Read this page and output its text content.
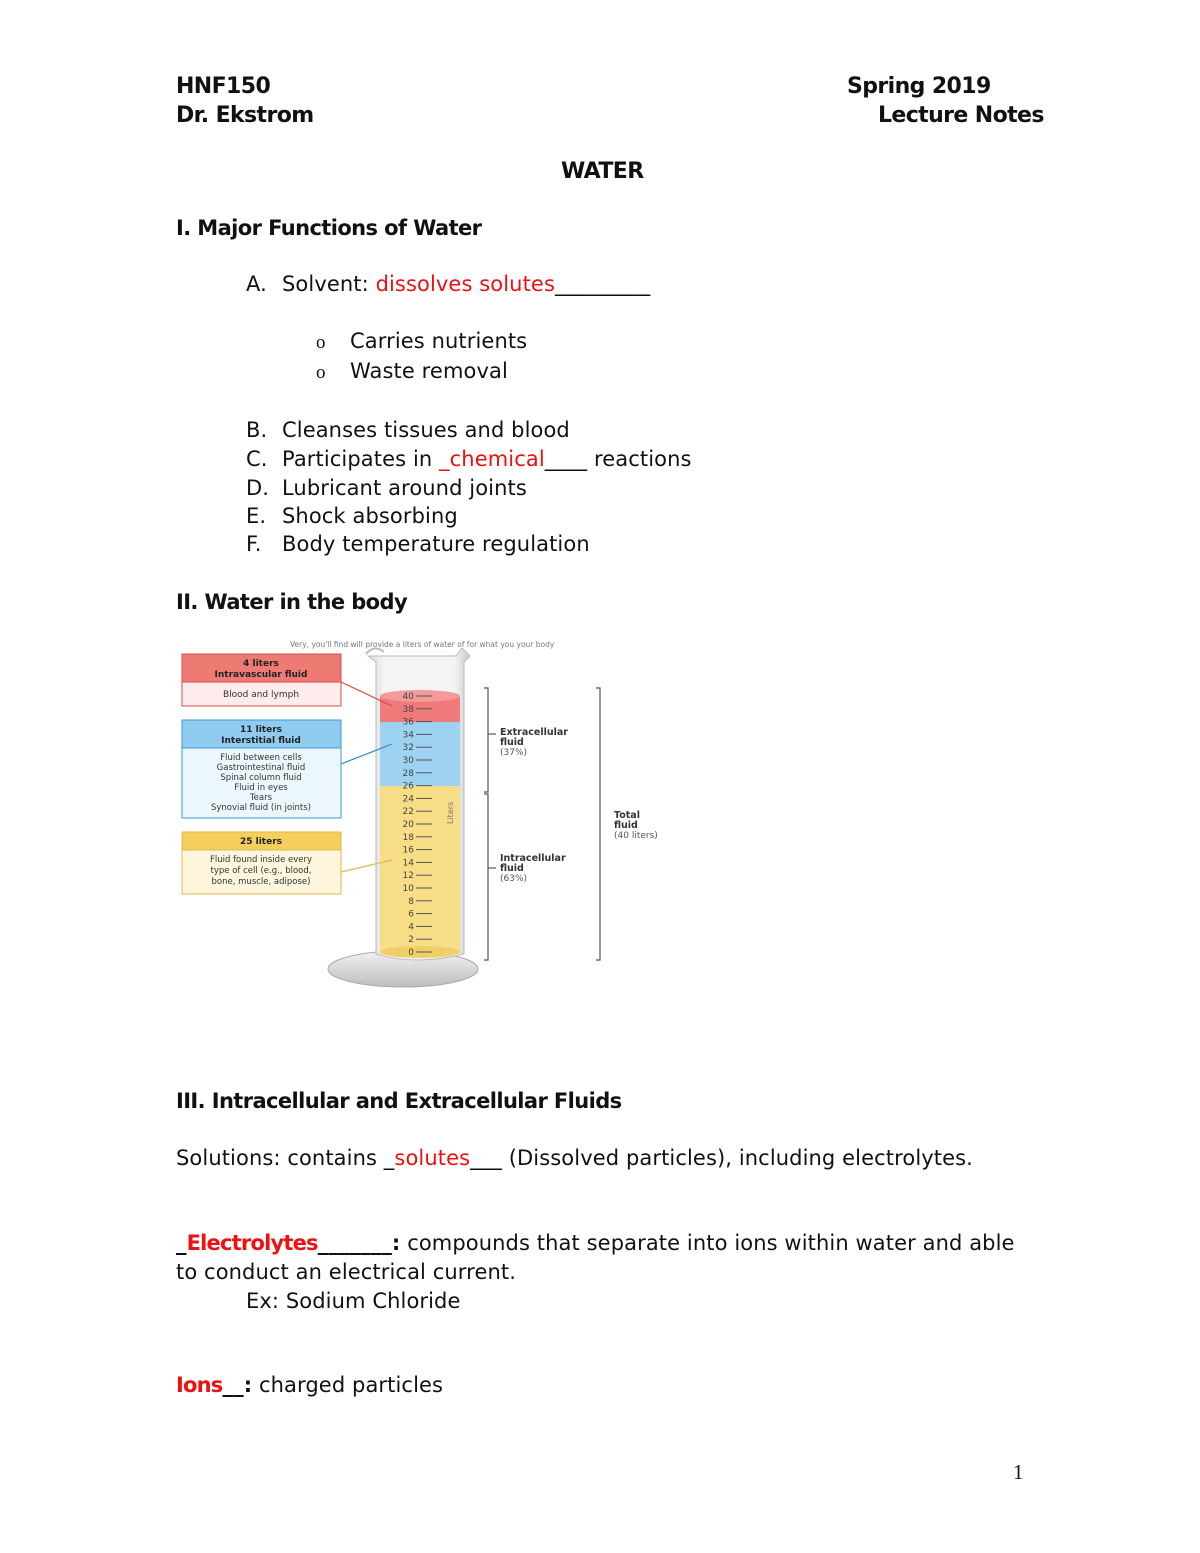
HNF150
Dr. Ekstrom
Spring 2019
Lecture Notes
WATER
I. Major Functions of Water
A. Solvent: dissolves solutes_________
o Carries nutrients
o Waste removal
B. Cleanses tissues and blood
C. Participates in _chemical____ reactions
D. Lubricant around joints
E. Shock absorbing
F. Body temperature regulation
II. Water in the body
Very, you'll find will provide a liters of water of for what you your body
40
38
36
34
32
30
28
26
24
22
20
18
16
14
12
10
8
6
4
2
0
Liters
4 liters
Intravascular fluid
Blood and lymph
11 liters
Interstitial fluid
Fluid between cells
Gastrointestinal fluid
Spinal column fluid
Fluid in eyes
Tears
Synovial fluid (in joints)
25 liters
Fluid found inside every
type of cell (e.g., blood,
bone, muscle, adipose)
Extracellular
fluid
(37%)
Intracellular
fluid
(63%)
Total
fluid
(40 liters)
III. Intracellular and Extracellular Fluids
Solutions: contains _solutes___ (Dissolved particles), including electrolytes.
_Electrolytes_______: compounds that separate into ions within water and able
to conduct an electrical current.
Ex: Sodium Chloride
Ions__: charged particles
1
